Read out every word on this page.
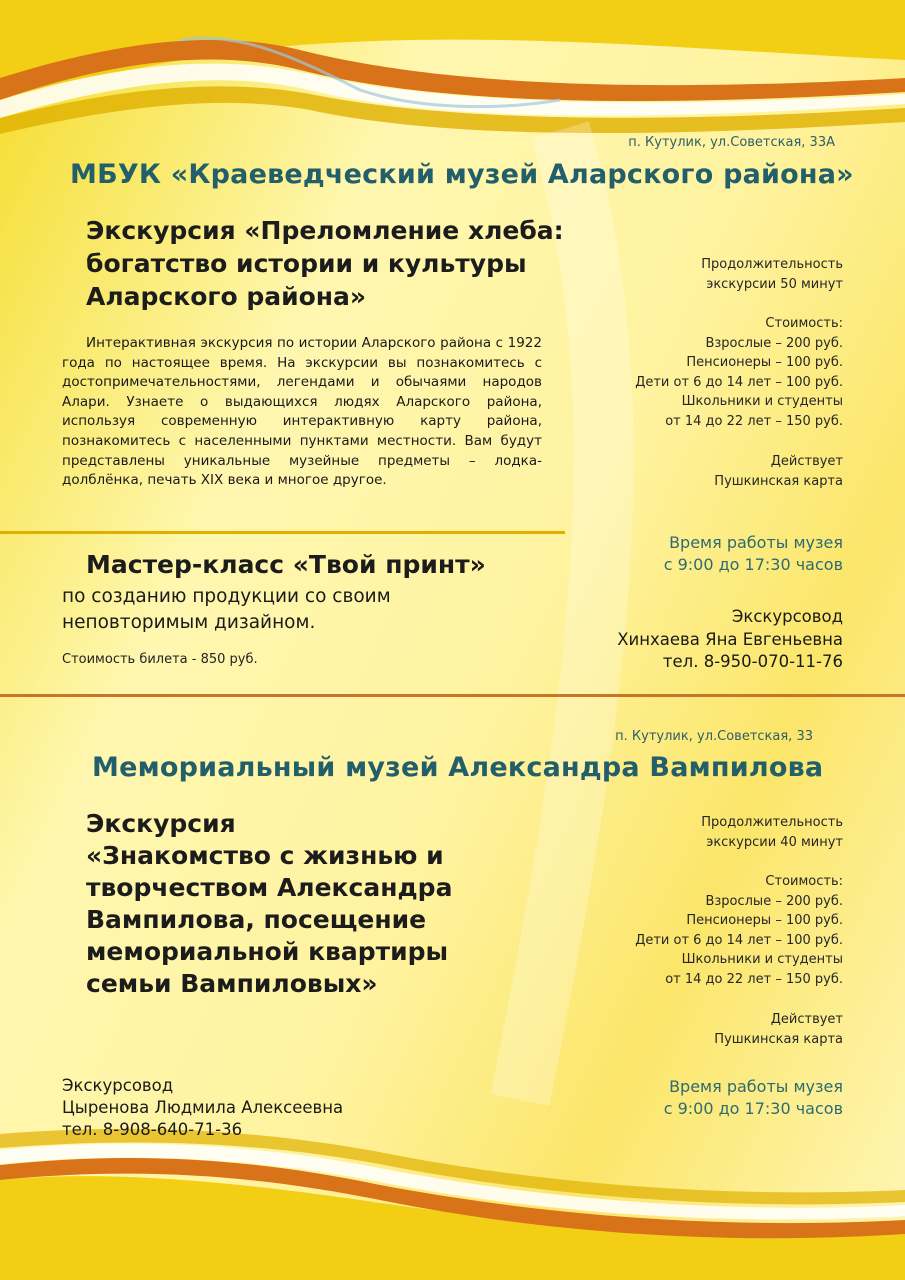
п. Кутулик, ул.Советская, 33А

МБУК «Краеведческий музей Аларского района»

Экскурсия «Преломление хлеба:
богатство истории и культуры
Аларского района»

Интерактивная экскурсия по истории Аларского района с 1922 года по настоящее время. На экскурсии вы познакомитесь с достопримечательностями, легендами и обычаями народов Алари. Узнаете о выдающихся людях Аларского района, используя современную интерактивную карту района, познакомитесь с населенными пунктами местности. Вам будут представлены уникальные музейные предметы – лодка-долблёнка, печать XIX века и многое другое.

Продолжительность
экскурсии 50 минут
Стоимость:
Взрослые – 200 руб.
Пенсионеры – 100 руб.
Дети от 6 до 14 лет – 100 руб.
Школьники и студенты
от 14 до 22 лет – 150 руб.
Действует
Пушкинская карта
Время работы музея
с 9:00 до 17:30 часов
Мастер-класс «Твой принт»
по созданию продукции со своим
неповторимым дизайном.

Стоимость билета - 850 руб.

Экскурсовод
Хинхаева Яна Евгеньевна
тел. 8-950-070-11-76

п. Кутулик, ул.Советская, 33

Мемориальный музей Александра Вампилова

Экскурсия
«Знакомство с жизнью и
творчеством Александра
Вампилова, посещение
мемориальной квартиры
семьи Вампиловых»
Продолжительность
экскурсии 40 минут
Стоимость:
Взрослые – 200 руб.
Пенсионеры – 100 руб.
Дети от 6 до 14 лет – 100 руб.
Школьники и студенты
от 14 до 22 лет – 150 руб.
Действует
Пушкинская карта
Время работы музея
с 9:00 до 17:30 часов
Экскурсовод
Цыренова Людмила Алексеевна
тел. 8-908-640-71-36
